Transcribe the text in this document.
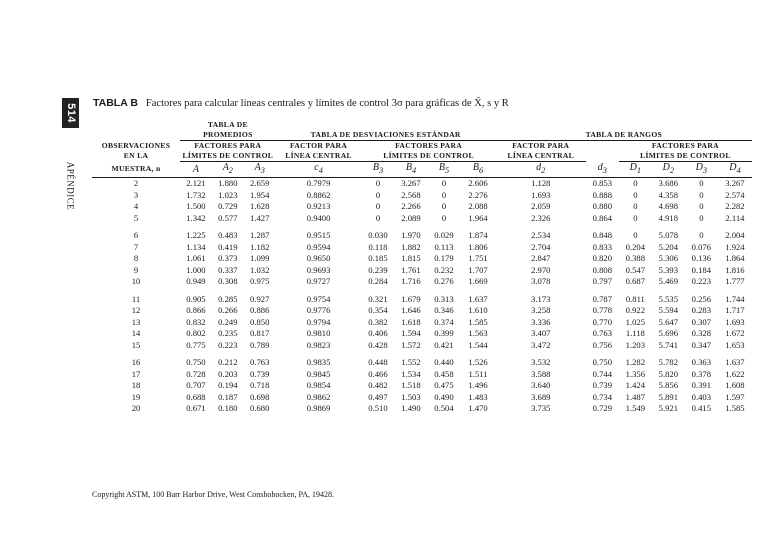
514
APÉNDICE
TABLA B Factores para calcular líneas centrales y límites de control 3σ para gráficas de X̄, s y R
	TABLA DE													
	PROMEDIOS			TABLA DE DESVIACIONES ESTÁNDAR					TABLA DE RANGOS					
OBSERVACIONES	FACTORES PARA			FACTOR PARA	FACTORES PARA				FACTOR PARA		FACTORES PARA			
EN LA	LÍMITES DE CONTROL			LÍNEA CENTRAL	LÍMITES DE CONTROL				LÍNEA CENTRAL		LÍMITES DE CONTROL			
MUESTRA, n	A	$A_2$	$A_3$	$c_4$	$B_3$	$B_4$	$B_5$	$B_6$	$d_2$	$d_3$	$D_1$	$D_2$	$D_3$	$D_4$
2	2.121	1.880	2.659	0.7979	0	3.267	0	2.606	1.128	0.853	0	3.686	0	3.267
3	1.732	1.023	1.954	0.8862	0	2.568	0	2.276	1.693	0.888	0	4.358	0	2.574
4	1.500	0.729	1.628	0.9213	0	2.266	0	2.088	2.059	0.880	0	4.698	0	2.282
5	1.342	0.577	1.427	0.9400	0	2.089	0	1.964	2.326	0.864	0	4.918	0	2.114
6	1.225	0.483	1.287	0.9515	0.030	1.970	0.029	1.874	2.534	0.848	0	5.078	0	2.004
7	1.134	0.419	1.182	0.9594	0.118	1.882	0.113	1.806	2.704	0.833	0.204	5.204	0.076	1.924
8	1.061	0.373	1.099	0.9650	0.185	1.815	0.179	1.751	2.847	0.820	0.388	5.306	0.136	1.864
9	1.000	0.337	1.032	0.9693	0.239	1.761	0.232	1.707	2.970	0.808	0.547	5.393	0.184	1.816
10	0.949	0.308	0.975	0.9727	0.284	1.716	0.276	1.669	3.078	0.797	0.687	5.469	0.223	1.777
11	0.905	0.285	0.927	0.9754	0.321	1.679	0.313	1.637	3.173	0.787	0.811	5.535	0.256	1.744
12	0.866	0.266	0.886	0.9776	0.354	1.646	0.346	1.610	3.258	0.778	0.922	5.594	0.283	1.717
13	0.832	0.249	0.850	0.9794	0.382	1.618	0.374	1.585	3.336	0.770	1.025	5.647	0.307	1.693
14	0.802	0.235	0.817	0.9810	0.406	1.594	0.399	1.563	3.407	0.763	1.118	5.696	0.328	1.672
15	0.775	0.223	0.789	0.9823	0.428	1.572	0.421	1.544	3.472	0.756	1.203	5.741	0.347	1.653
16	0.750	0.212	0.763	0.9835	0.448	1.552	0.440	1.526	3.532	0.750	1.282	5.782	0.363	1.637
17	0.728	0.203	0.739	0.9845	0.466	1.534	0.458	1.511	3.588	0.744	1.356	5.820	0.378	1.622
18	0.707	0.194	0.718	0.9854	0.482	1.518	0.475	1.496	3.640	0.739	1.424	5.856	0.391	1.608
19	0.688	0.187	0.698	0.9862	0.497	1.503	0.490	1.483	3.689	0.734	1.487	5.891	0.403	1.597
20	0.671	0.180	0.680	0.9869	0.510	1.490	0.504	1.470	3.735	0.729	1.549	5.921	0.415	1.585
Copyright ASTM, 100 Barr Harbor Drive, West Conshohocken, PA, 19428.
